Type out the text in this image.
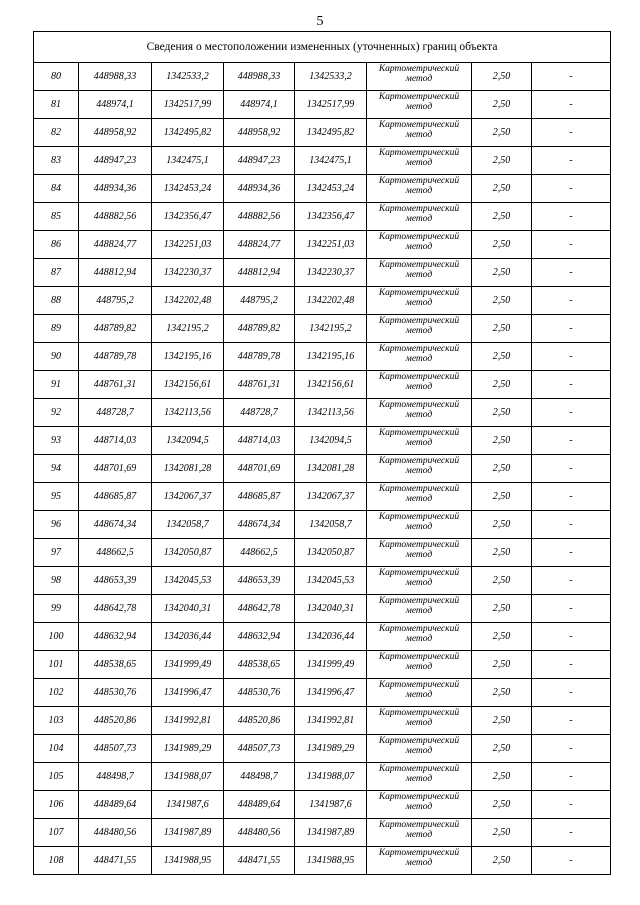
5
Сведения о местоположении измененных (уточненных) границ объекта							
80	448988,33	1342533,2	448988,33	1342533,2	Картометрический метод	2,50	-
81	448974,1	1342517,99	448974,1	1342517,99	Картометрический метод	2,50	-
82	448958,92	1342495,82	448958,92	1342495,82	Картометрический метод	2,50	-
83	448947,23	1342475,1	448947,23	1342475,1	Картометрический метод	2,50	-
84	448934,36	1342453,24	448934,36	1342453,24	Картометрический метод	2,50	-
85	448882,56	1342356,47	448882,56	1342356,47	Картометрический метод	2,50	-
86	448824,77	1342251,03	448824,77	1342251,03	Картометрический метод	2,50	-
87	448812,94	1342230,37	448812,94	1342230,37	Картометрический метод	2,50	-
88	448795,2	1342202,48	448795,2	1342202,48	Картометрический метод	2,50	-
89	448789,82	1342195,2	448789,82	1342195,2	Картометрический метод	2,50	-
90	448789,78	1342195,16	448789,78	1342195,16	Картометрический метод	2,50	-
91	448761,31	1342156,61	448761,31	1342156,61	Картометрический метод	2,50	-
92	448728,7	1342113,56	448728,7	1342113,56	Картометрический метод	2,50	-
93	448714,03	1342094,5	448714,03	1342094,5	Картометрический метод	2,50	-
94	448701,69	1342081,28	448701,69	1342081,28	Картометрический метод	2,50	-
95	448685,87	1342067,37	448685,87	1342067,37	Картометрический метод	2,50	-
96	448674,34	1342058,7	448674,34	1342058,7	Картометрический метод	2,50	-
97	448662,5	1342050,87	448662,5	1342050,87	Картометрический метод	2,50	-
98	448653,39	1342045,53	448653,39	1342045,53	Картометрический метод	2,50	-
99	448642,78	1342040,31	448642,78	1342040,31	Картометрический метод	2,50	-
100	448632,94	1342036,44	448632,94	1342036,44	Картометрический метод	2,50	-
101	448538,65	1341999,49	448538,65	1341999,49	Картометрический метод	2,50	-
102	448530,76	1341996,47	448530,76	1341996,47	Картометрический метод	2,50	-
103	448520,86	1341992,81	448520,86	1341992,81	Картометрический метод	2,50	-
104	448507,73	1341989,29	448507,73	1341989,29	Картометрический метод	2,50	-
105	448498,7	1341988,07	448498,7	1341988,07	Картометрический метод	2,50	-
106	448489,64	1341987,6	448489,64	1341987,6	Картометрический метод	2,50	-
107	448480,56	1341987,89	448480,56	1341987,89	Картометрический метод	2,50	-
108	448471,55	1341988,95	448471,55	1341988,95	Картометрический метод	2,50	-
